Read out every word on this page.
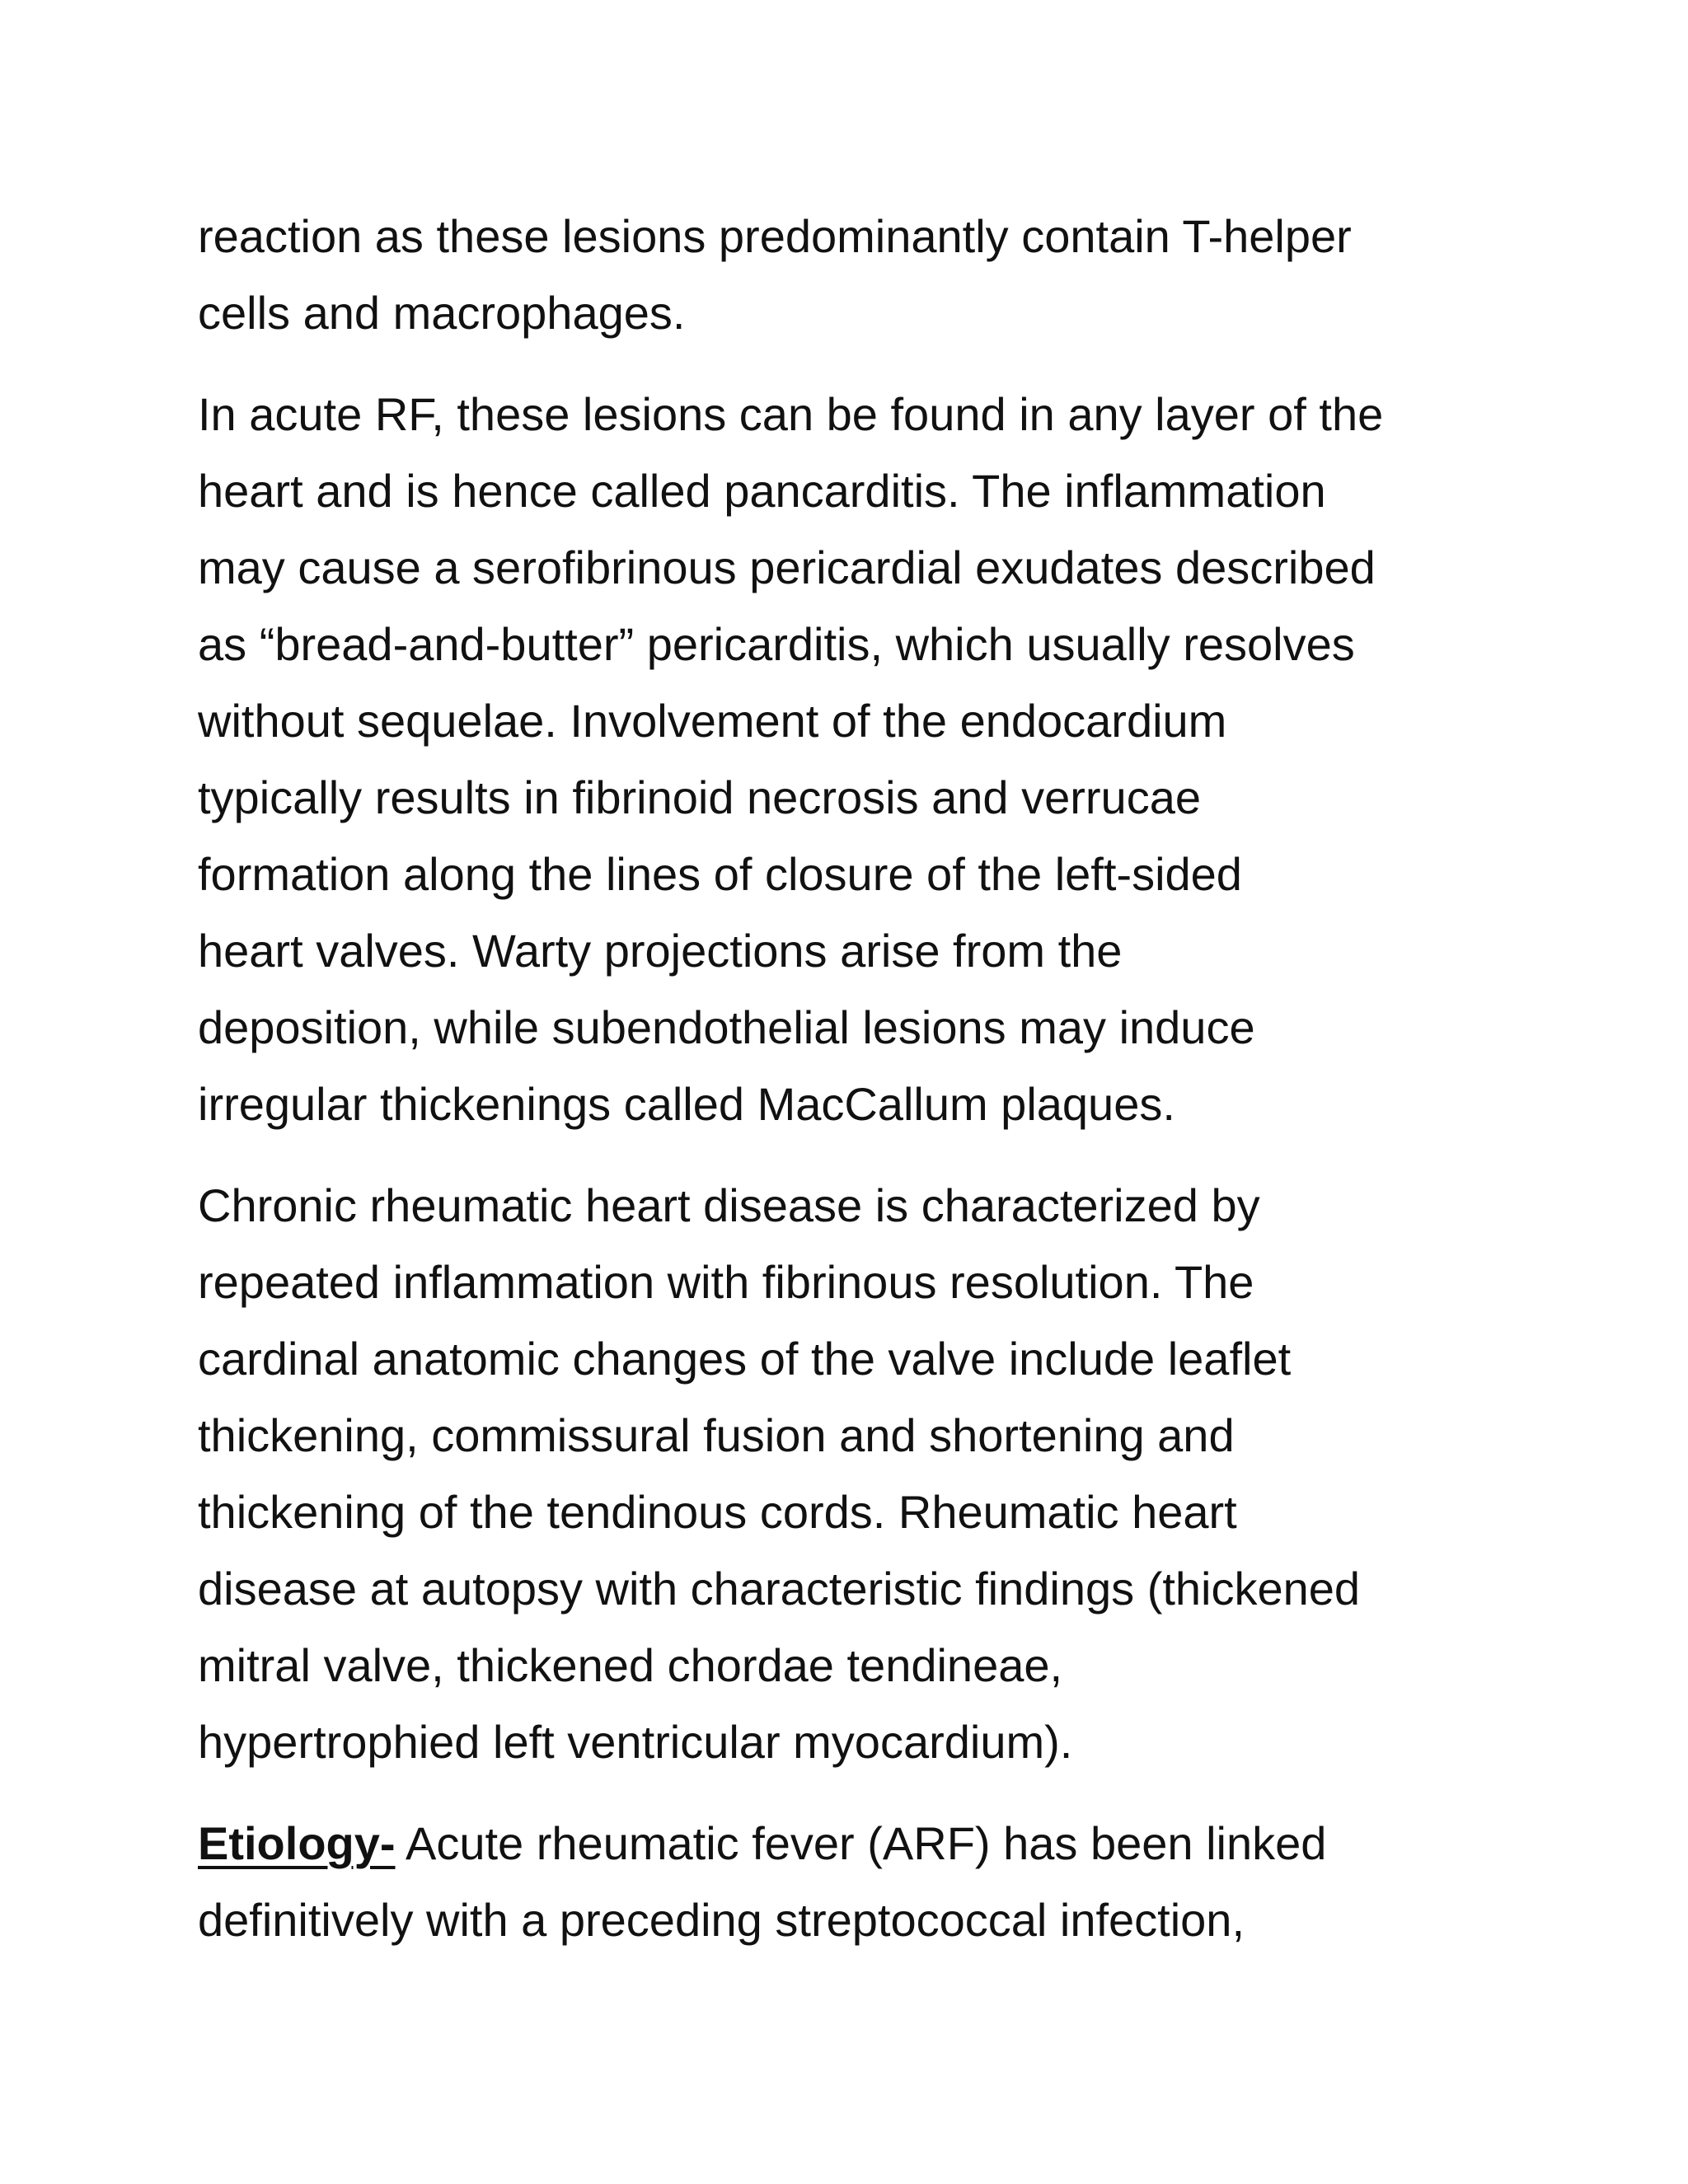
reaction as these lesions predominantly contain T-helper
cells and macrophages.

In acute RF, these lesions can be found in any layer of the
heart and is hence called pancarditis. The inflammation
may cause a serofibrinous pericardial exudates described
as “bread-and-butter” pericarditis, which usually resolves
without sequelae. Involvement of the endocardium
typically results in fibrinoid necrosis and verrucae
formation along the lines of closure of the left-sided
heart valves. Warty projections arise from the
deposition, while subendothelial lesions may induce
irregular thickenings called MacCallum plaques.

Chronic rheumatic heart disease is characterized by
repeated inflammation with fibrinous resolution. The
cardinal anatomic changes of the valve include leaflet
thickening, commissural fusion and shortening and
thickening of the tendinous cords. Rheumatic heart
disease at autopsy with characteristic findings (thickened
mitral valve, thickened chordae tendineae,
hypertrophied left ventricular myocardium).

Etiology- Acute rheumatic fever (ARF) has been linked
definitively with a preceding streptococcal infection,
